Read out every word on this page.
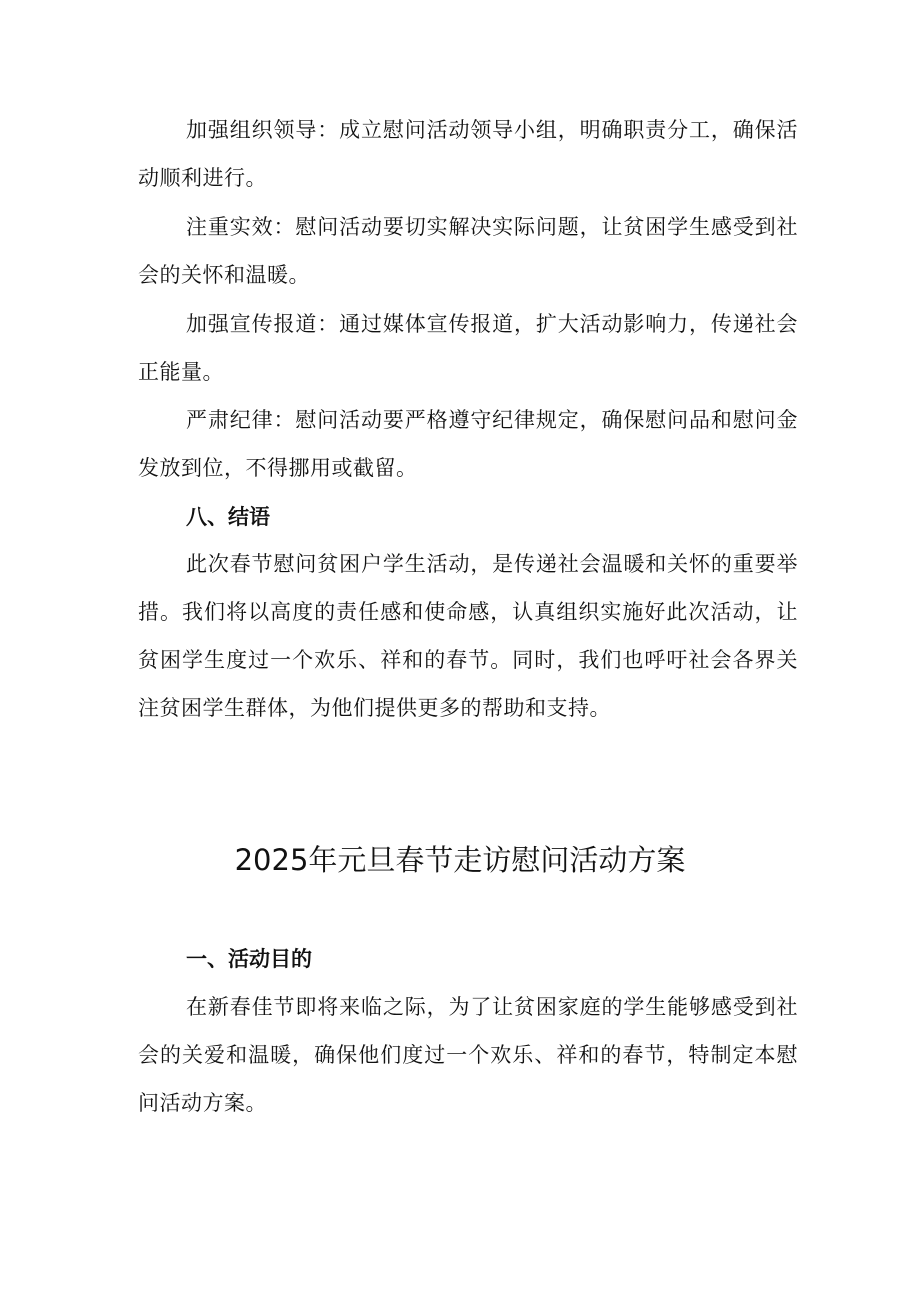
加强组织领导：成立慰问活动领导小组，明确职责分工，确保活动顺利进行。

注重实效：慰问活动要切实解决实际问题，让贫困学生感受到社会的关怀和温暖。

加强宣传报道：通过媒体宣传报道，扩大活动影响力，传递社会正能量。

严肃纪律：慰问活动要严格遵守纪律规定，确保慰问品和慰问金发放到位，不得挪用或截留。

八、结语

此次春节慰问贫困户学生活动，是传递社会温暖和关怀的重要举措。我们将以高度的责任感和使命感，认真组织实施好此次活动，让贫困学生度过一个欢乐、祥和的春节。同时，我们也呼吁社会各界关注贫困学生群体，为他们提供更多的帮助和支持。

2025年元旦春节走访慰问活动方案
一、活动目的

在新春佳节即将来临之际，为了让贫困家庭的学生能够感受到社会的关爱和温暖，确保他们度过一个欢乐、祥和的春节，特制定本慰问活动方案。
